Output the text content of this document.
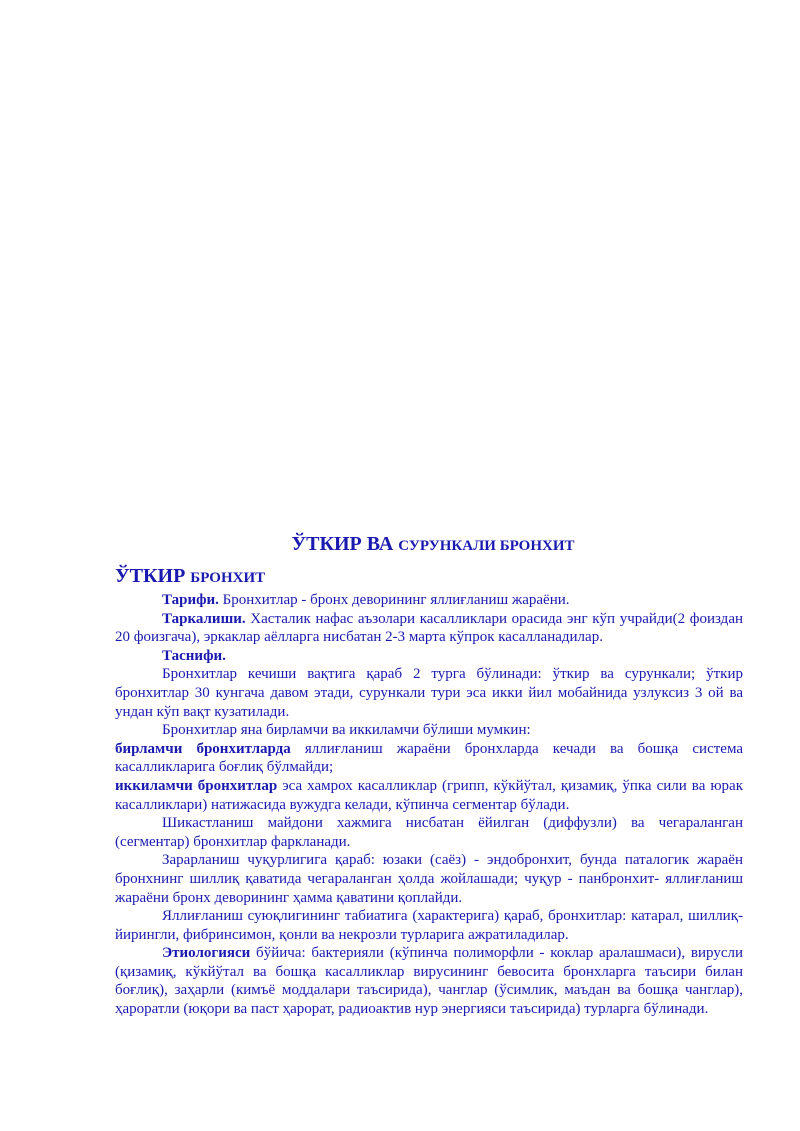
ЎТКИР ВА СУРУНКАЛИ БРОНХИТ
ЎТКИР БРОНХИТ

Тарифи. Бронхитлар - бронх деворининг яллиғланиш жараёни.

Таркалиши. Хасталик нафас аъзолари касалликлари орасида энг кўп учрайди(2 фоиздан 20 фоизгача), эркаклар аёлларга нисбатан 2-3 марта кўпрок касалланадилар.

Таснифи.

Бронхитлар кечиши вақтига қараб 2 турга бўлинади: ўткир ва сурункали; ўткир бронхитлар 30 кунгача давом этади, сурункали тури эса икки йил мобайнида узлуксиз 3 ой ва ундан кўп вақт кузатилади.

Бронхитлар яна бирламчи ва иккиламчи бўлиши мумкин:

бирламчи бронхитларда яллиғланиш жараёни бронхларда кечади ва бошқа система касалликларига боғлиқ бўлмайди;

иккиламчи бронхитлар эса хамрох касалликлар (грипп, кўкйўтал, қизамиқ, ўпка сили ва юрак касалликлари) натижасида вужудга келади, кўпинча сегментар бўлади.

Шикастланиш майдони хажмига нисбатан ёйилган (диффузли) ва чегараланган (сегментар) бронхитлар фаркланади.

Зарарланиш чуқурлигига қараб: юзаки (саёз) - эндобронхит, бунда паталогик жараён бронхнинг шиллиқ қаватида чегараланган ҳолда жойлашади; чуқур - панбронхит- яллиғланиш жараёни бронх деворининг ҳамма қаватини қоплайди.

Яллиғланиш суюқлигининг табиатига (характерига) қараб, бронхитлар: катарал, шиллиқ-йирингли, фибринсимон, қонли ва некрозли турларига ажратиладилар.

Этиологияси бўйича: бактерияли (кўпинча полиморфли - коклар аралашмаси), вирусли (қизамиқ, кўкйўтал ва бошқа касалликлар вирусининг бевосита бронхларга таъсири билан боғлиқ), заҳарли (кимъё моддалари таъсирида), чанглар (ўсимлик, маъдан ва бошқа чанглар), ҳароратли (юқори ва паст ҳарорат, радиоактив нур энергияси таъсирида) турларга бўлинади.
